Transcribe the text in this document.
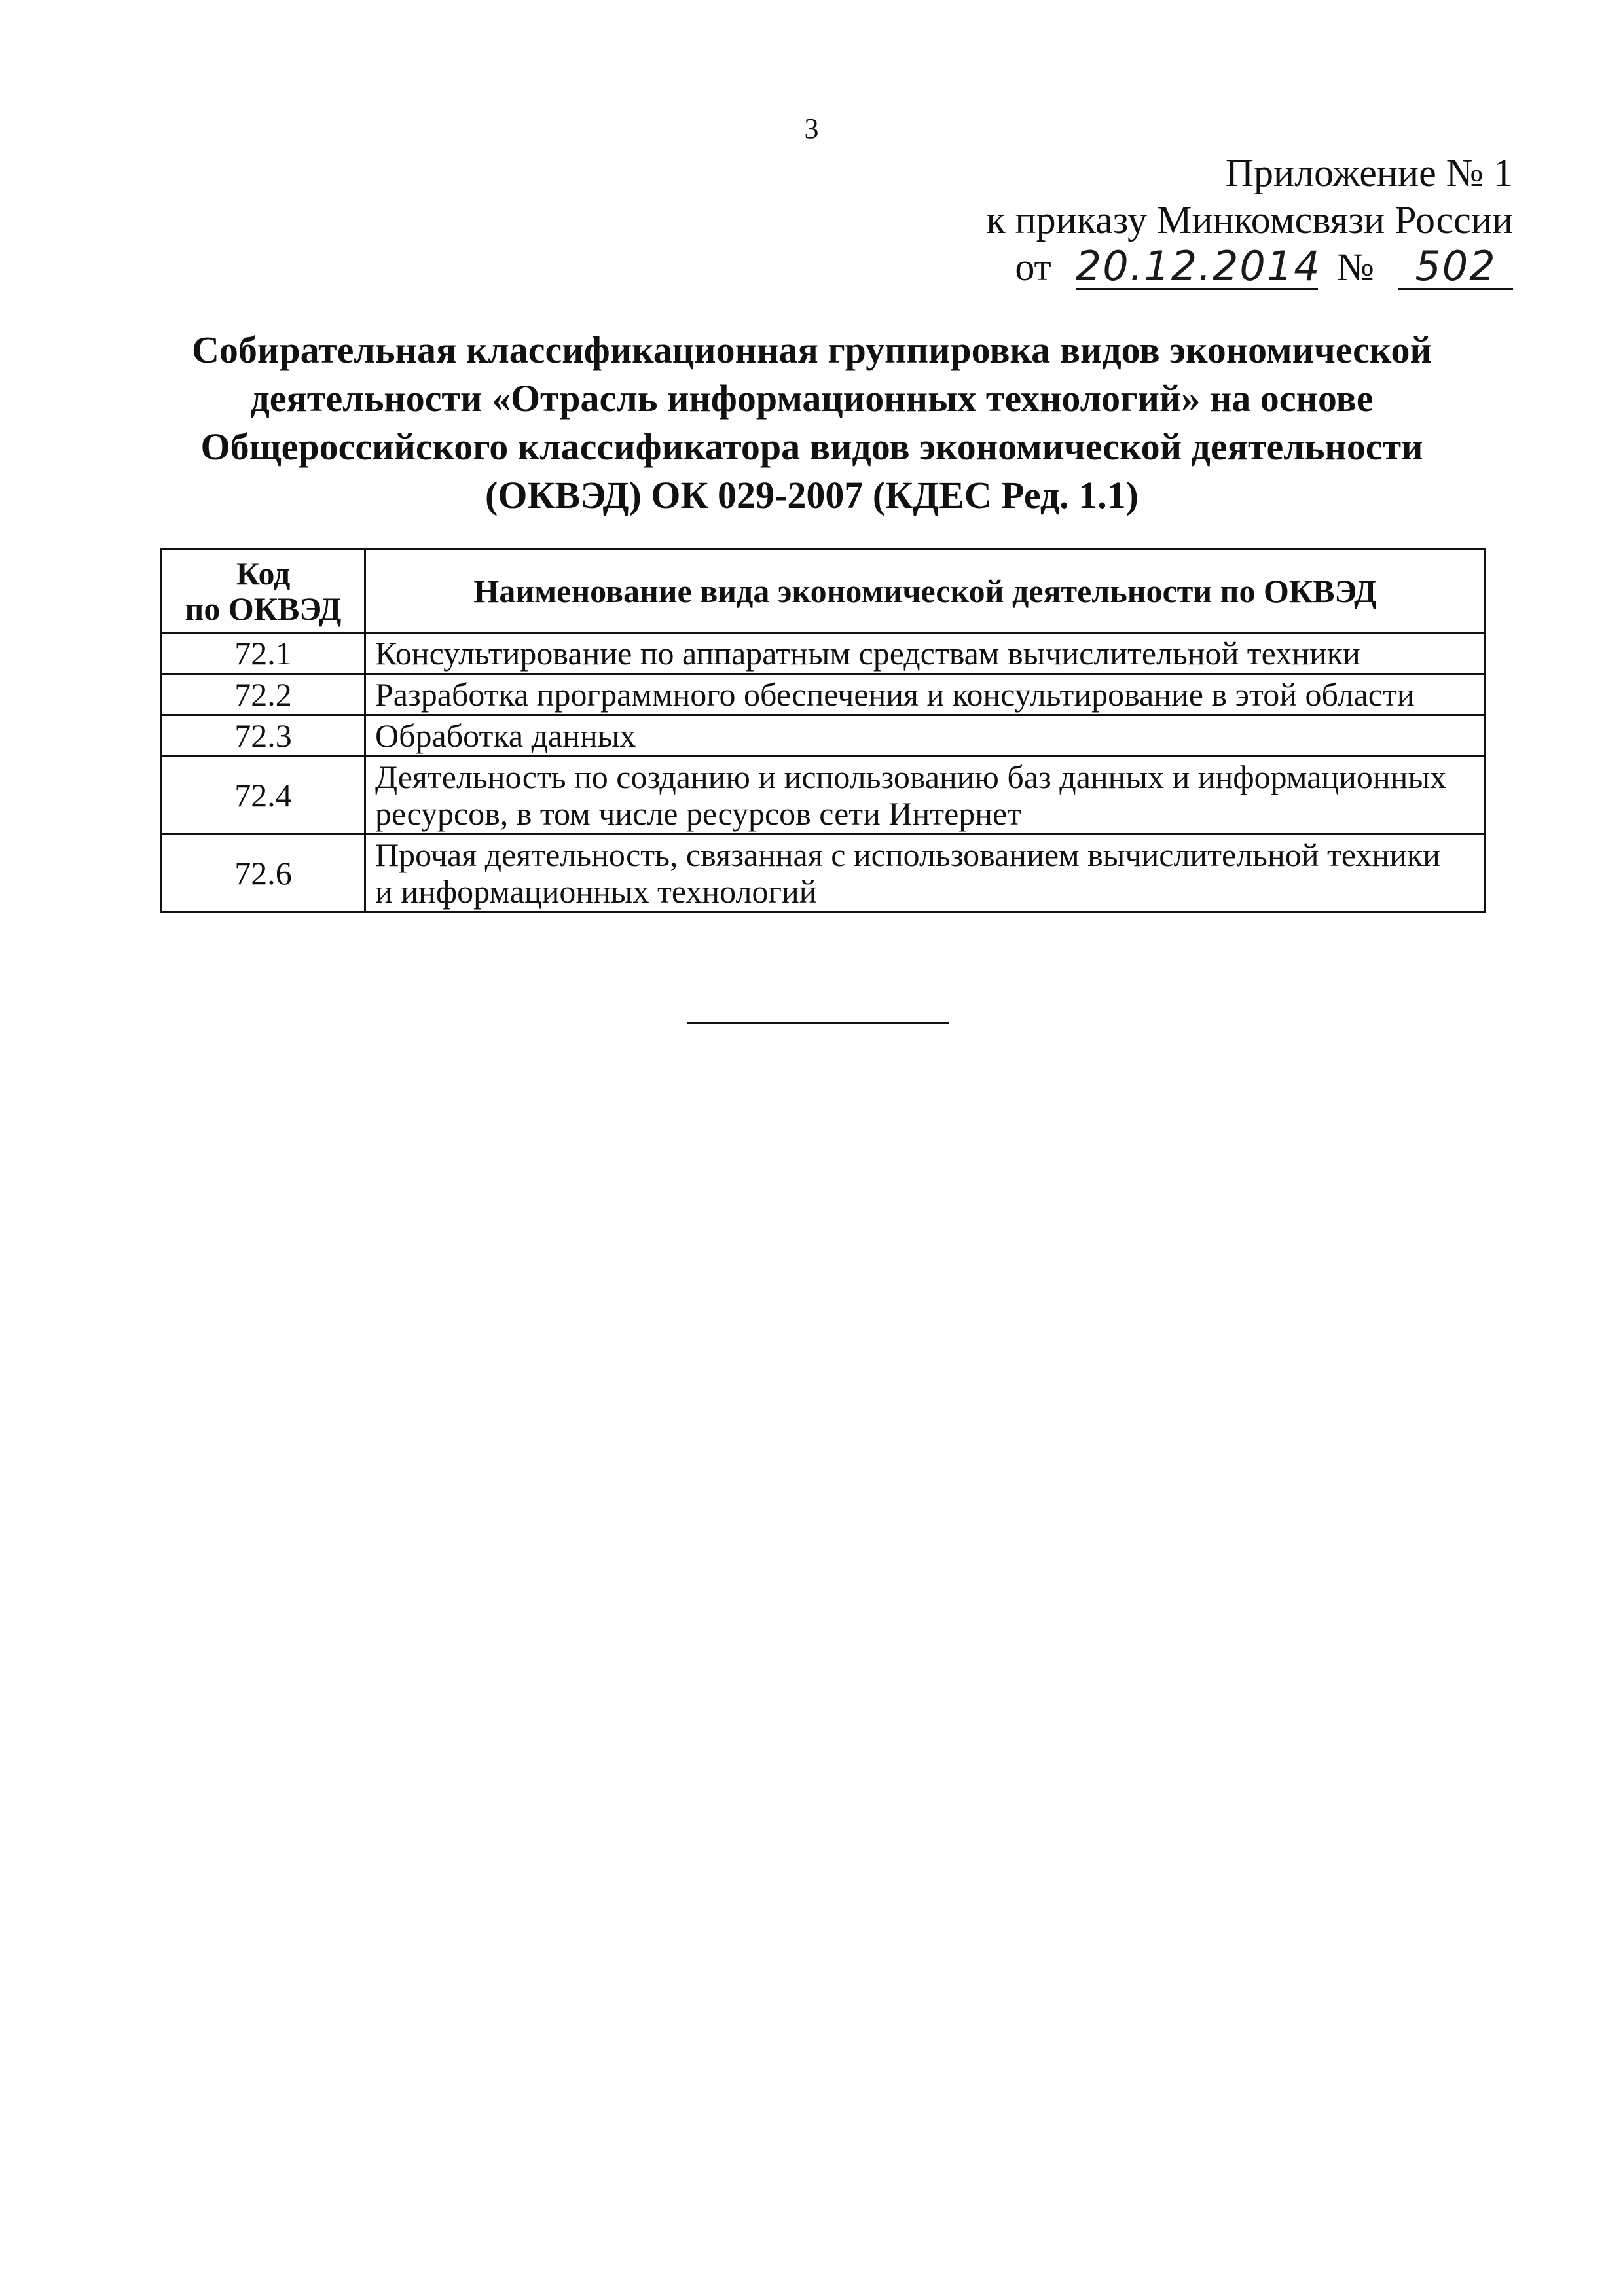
3
Приложение № 1
к приказу Минкомсвязи России
от 20.12.2014 № 502
Собирательная классификационная группировка видов экономической
деятельности «Отрасль информационных технологий» на основе
Общероссийского классификатора видов экономической деятельности
(ОКВЭД) ОК 029-2007 (КДЕС Ред. 1.1)
Код
по ОКВЭД	Наименование вида экономической деятельности по ОКВЭД
72.1	Консультирование по аппаратным средствам вычислительной техники
72.2	Разработка программного обеспечения и консультирование в этой области
72.3	Обработка данных
72.4	Деятельность по созданию и использованию баз данных и информационных
ресурсов, в том числе ресурсов сети Интернет
72.6	Прочая деятельность, связанная с использованием вычислительной техники
и информационных технологий
